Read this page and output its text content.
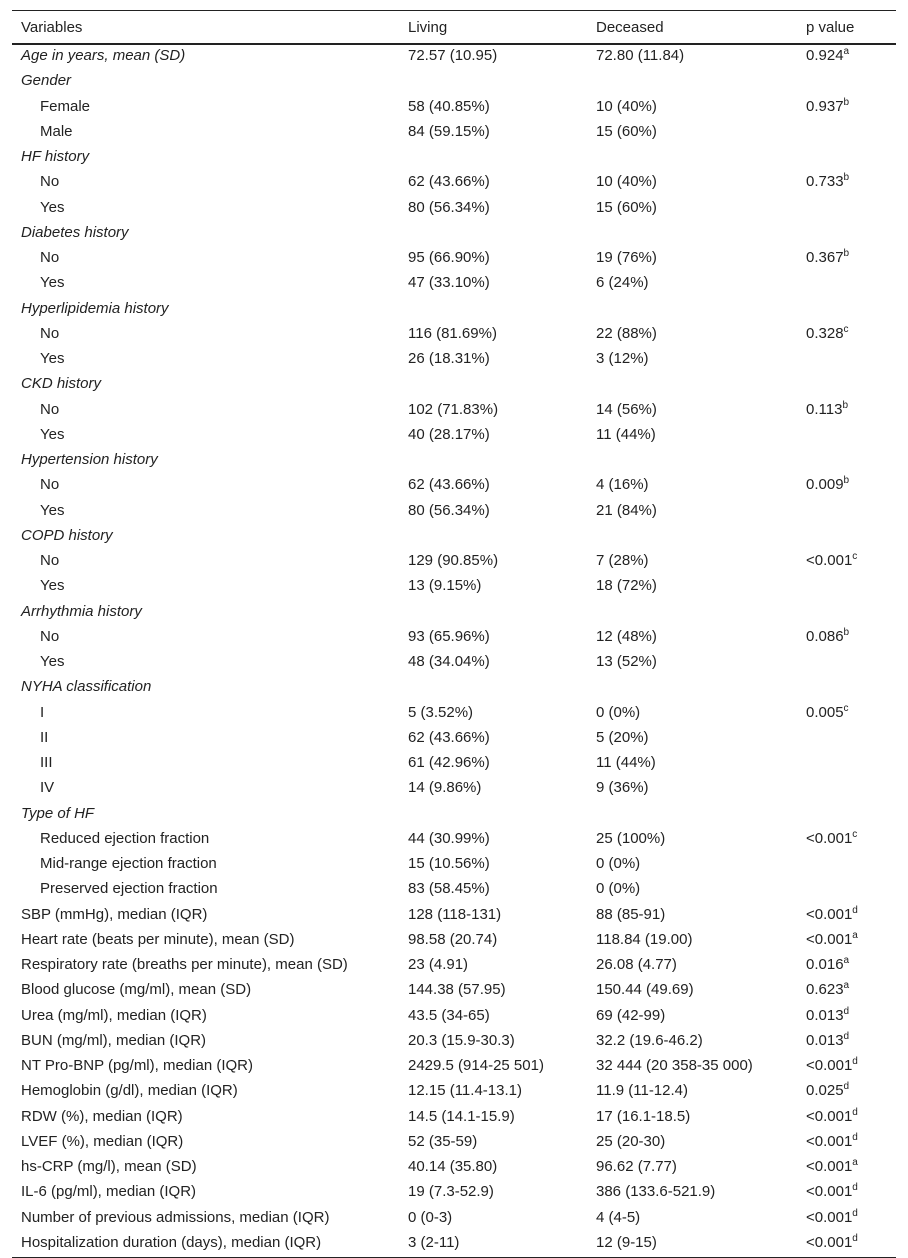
Variables	Living	Deceased	p value
Age in years, mean (SD)	72.57 (10.95)	72.80 (11.84)	0.924$^a$
Gender			
Female	58 (40.85%)	10 (40%)	0.937$^b$
Male	84 (59.15%)	15 (60%)	
HF history			
No	62 (43.66%)	10 (40%)	0.733$^b$
Yes	80 (56.34%)	15 (60%)	
Diabetes history			
No	95 (66.90%)	19 (76%)	0.367$^b$
Yes	47 (33.10%)	6 (24%)	
Hyperlipidemia history			
No	116 (81.69%)	22 (88%)	0.328$^c$
Yes	26 (18.31%)	3 (12%)	
CKD history			
No	102 (71.83%)	14 (56%)	0.113$^b$
Yes	40 (28.17%)	11 (44%)	
Hypertension history			
No	62 (43.66%)	4 (16%)	0.009$^b$
Yes	80 (56.34%)	21 (84%)	
COPD history			
No	129 (90.85%)	7 (28%)	<0.001$^c$
Yes	13 (9.15%)	18 (72%)	
Arrhythmia history			
No	93 (65.96%)	12 (48%)	0.086$^b$
Yes	48 (34.04%)	13 (52%)	
NYHA classification			
I	5 (3.52%)	0 (0%)	0.005$^c$
II	62 (43.66%)	5 (20%)	
III	61 (42.96%)	11 (44%)	
IV	14 (9.86%)	9 (36%)	
Type of HF			
Reduced ejection fraction	44 (30.99%)	25 (100%)	<0.001$^c$
Mid-range ejection fraction	15 (10.56%)	0 (0%)	
Preserved ejection fraction	83 (58.45%)	0 (0%)	
SBP (mmHg), median (IQR)	128 (118-131)	88 (85-91)	<0.001$^d$
Heart rate (beats per minute), mean (SD)	98.58 (20.74)	118.84 (19.00)	<0.001$^a$
Respiratory rate (breaths per minute), mean (SD)	23 (4.91)	26.08 (4.77)	0.016$^a$
Blood glucose (mg/ml), mean (SD)	144.38 (57.95)	150.44 (49.69)	0.623$^a$
Urea (mg/ml), median (IQR)	43.5 (34-65)	69 (42-99)	0.013$^d$
BUN (mg/ml), median (IQR)	20.3 (15.9-30.3)	32.2 (19.6-46.2)	0.013$^d$
NT Pro-BNP (pg/ml), median (IQR)	2429.5 (914-25 501)	32 444 (20 358-35 000)	<0.001$^d$
Hemoglobin (g/dl), median (IQR)	12.15 (11.4-13.1)	11.9 (11-12.4)	0.025$^d$
RDW (%), median (IQR)	14.5 (14.1-15.9)	17 (16.1-18.5)	<0.001$^d$
LVEF (%), median (IQR)	52 (35-59)	25 (20-30)	<0.001$^d$
hs-CRP (mg/l), mean (SD)	40.14 (35.80)	96.62 (7.77)	<0.001$^a$
IL-6 (pg/ml), median (IQR)	19 (7.3-52.9)	386 (133.6-521.9)	<0.001$^d$
Number of previous admissions, median (IQR)	0 (0-3)	4 (4-5)	<0.001$^d$
Hospitalization duration (days), median (IQR)	3 (2-11)	12 (9-15)	<0.001$^d$
